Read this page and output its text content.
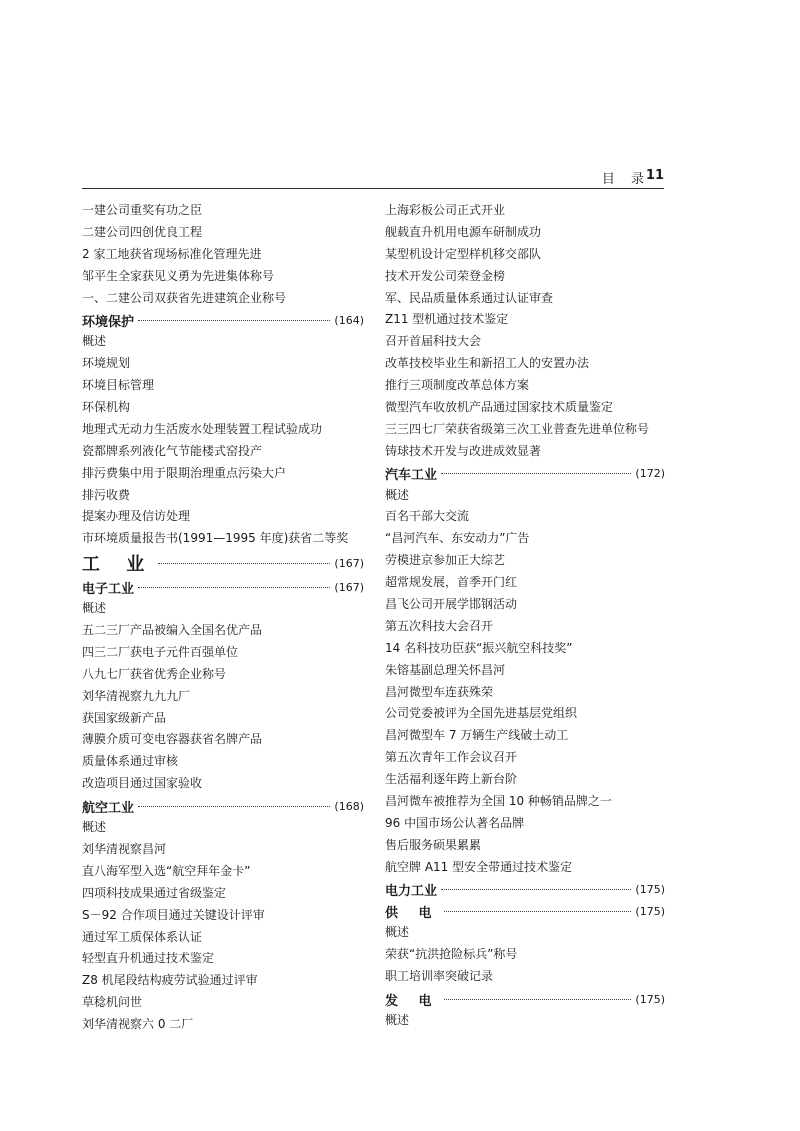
目 录
11
一建公司重奖有功之臣
二建公司四创优良工程
2 家工地获省现场标准化管理先进
邹平生全家获见义勇为先进集体称号
一、二建公司双获省先进建筑企业称号
环境保护	(164)
概述
环境规划
环境目标管理
环保机构
地理式无动力生活废水处理装置工程试验成功
瓷都牌系列液化气节能楼式窑投产
排污费集中用于限期治理重点污染大户
排污收费
提案办理及信访处理
市环境质量报告书(1991—1995 年度)获省二等奖
工 业	(167)
电子工业	(167)
概述
五二三厂产品被编入全国名优产品
四三二厂获电子元件百强单位
八九七厂获省优秀企业称号
刘华清视察九九九厂
获国家级新产品
薄膜介质可变电容器获省名牌产品
质量体系通过审核
改造项目通过国家验收
航空工业	(168)
概述
刘华清视察昌河
直八海军型入选“航空拜年金卡”
四项科技成果通过省级鉴定
S－92 合作项目通过关键设计评审
通过军工质保体系认证
轻型直升机通过技术鉴定
Z8 机尾段结构疲劳试验通过评审
草稔机问世
刘华清视察六 0 二厂
上海彩板公司正式开业
舰载直升机用电源车研制成功
某型机设计定型样机移交部队
技术开发公司荣登金榜
军、民品质量体系通过认证审查
Z11 型机通过技术鉴定
召开首届科技大会
改革技校毕业生和新招工人的安置办法
推行三项制度改革总体方案
微型汽车收放机产品通过国家技术质量鉴定
三三四七厂荣获省级第三次工业普查先进单位称号
铸球技术开发与改进成效显著
汽车工业	(172)
概述
百名干部大交流
“昌河汽车、东安动力”广告
劳模进京参加正大综艺
超常规发展，首季开门红
昌飞公司开展学邯钢活动
第五次科技大会召开
14 名科技功臣获“振兴航空科技奖”
朱镕基副总理关怀昌河
昌河微型车连获殊荣
公司党委被评为全国先进基层党组织
昌河微型车 7 万辆生产线破土动工
第五次青年工作会议召开
生活福利逐年跨上新台阶
昌河微车被推荐为全国 10 种畅销品牌之一
96 中国市场公认著名品牌
售后服务硕果累累
航空牌 A11 型安全带通过技术鉴定
电力工业	(175)
供 电	(175)
概述
荣获“抗洪抢险标兵”称号
职工培训率突破记录
发 电	(175)
概述
